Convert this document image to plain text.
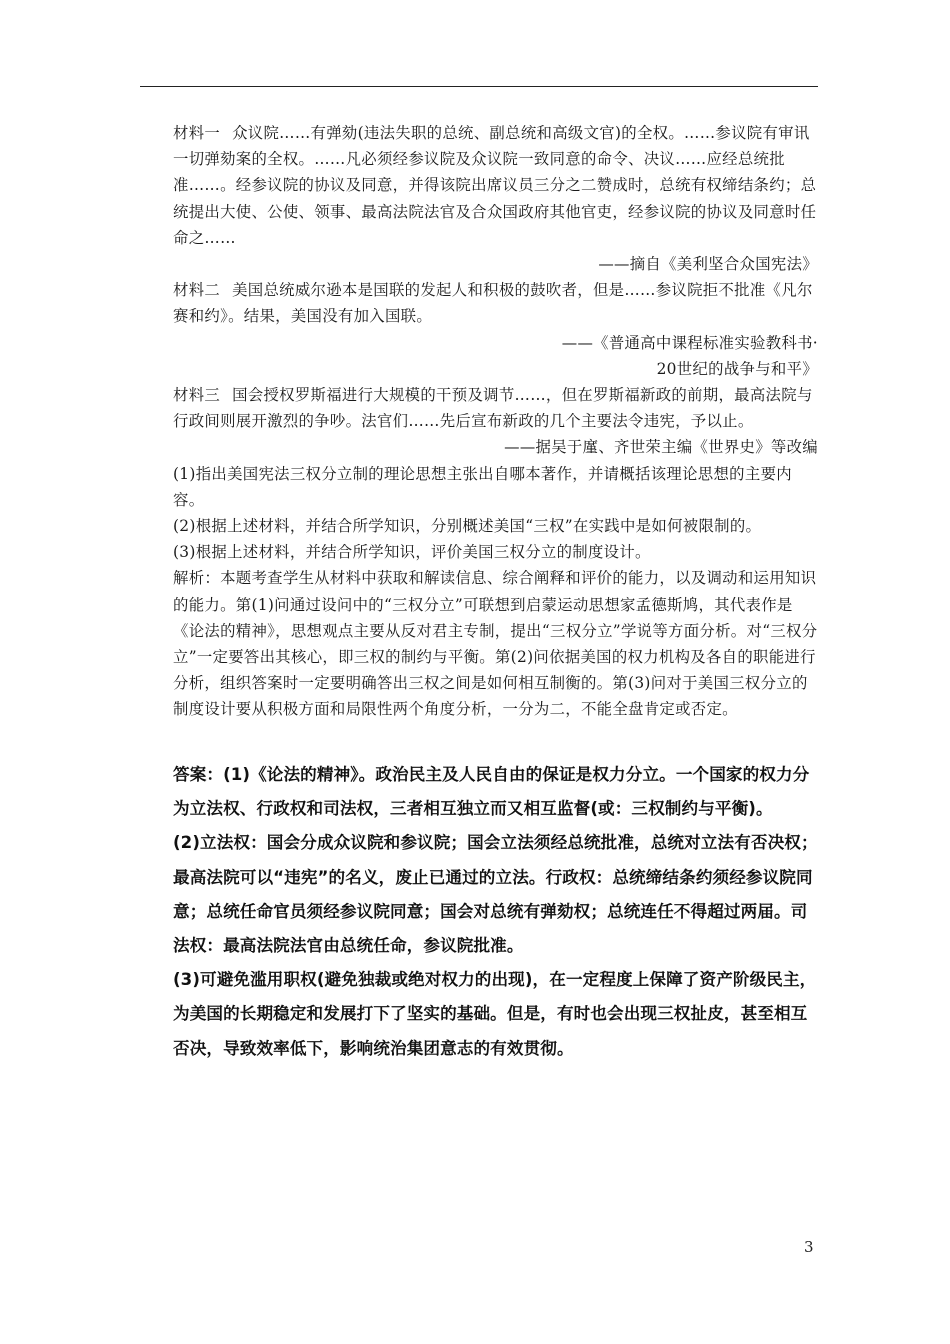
材料一 众议院……有弹劾(违法失职的总统、副总统和高级文官)的全权。……参议院有审讯一切弹劾案的全权。……凡必须经参议院及众议院一致同意的命令、决议……应经总统批准……。经参议院的协议及同意，并得该院出席议员三分之二赞成时，总统有权缔结条约；总统提出大使、公使、领事、最高法院法官及合众国政府其他官吏，经参议院的协议及同意时任命之……

——摘自《美利坚合众国宪法》

材料二 美国总统威尔逊本是国联的发起人和积极的鼓吹者，但是……参议院拒不批准《凡尔赛和约》。结果，美国没有加入国联。

——《普通高中课程标准实验教科书·

20世纪的战争与和平》

材料三 国会授权罗斯福进行大规模的干预及调节……，但在罗斯福新政的前期，最高法院与行政间则展开激烈的争吵。法官们……先后宣布新政的几个主要法令违宪，予以止。

——据吴于廑、齐世荣主编《世界史》等改编

(1)指出美国宪法三权分立制的理论思想主张出自哪本著作，并请概括该理论思想的主要内容。

(2)根据上述材料，并结合所学知识，分别概述美国“三权”在实践中是如何被限制的。

(3)根据上述材料，并结合所学知识，评价美国三权分立的制度设计。

解析：本题考查学生从材料中获取和解读信息、综合阐释和评价的能力，以及调动和运用知识的能力。第(1)问通过设问中的“三权分立”可联想到启蒙运动思想家孟德斯鸠，其代表作是《论法的精神》，思想观点主要从反对君主专制，提出“三权分立”学说等方面分析。对“三权分立”一定要答出其核心，即三权的制约与平衡。第(2)问依据美国的权力机构及各自的职能进行分析，组织答案时一定要明确答出三权之间是如何相互制衡的。第(3)问对于美国三权分立的制度设计要从积极方面和局限性两个角度分析，一分为二，不能全盘肯定或否定。

答案：(1)《论法的精神》。政治民主及人民自由的保证是权力分立。一个国家的权力分为立法权、行政权和司法权，三者相互独立而又相互监督(或：三权制约与平衡)。

(2)立法权：国会分成众议院和参议院；国会立法须经总统批准，总统对立法有否决权；最高法院可以“违宪”的名义，废止已通过的立法。行政权：总统缔结条约须经参议院同意；总统任命官员须经参议院同意；国会对总统有弹劾权；总统连任不得超过两届。司法权：最高法院法官由总统任命，参议院批准。

(3)可避免滥用职权(避免独裁或绝对权力的出现)，在一定程度上保障了资产阶级民主，为美国的长期稳定和发展打下了坚实的基础。但是，有时也会出现三权扯皮，甚至相互否决，导致效率低下，影响统治集团意志的有效贯彻。

3
